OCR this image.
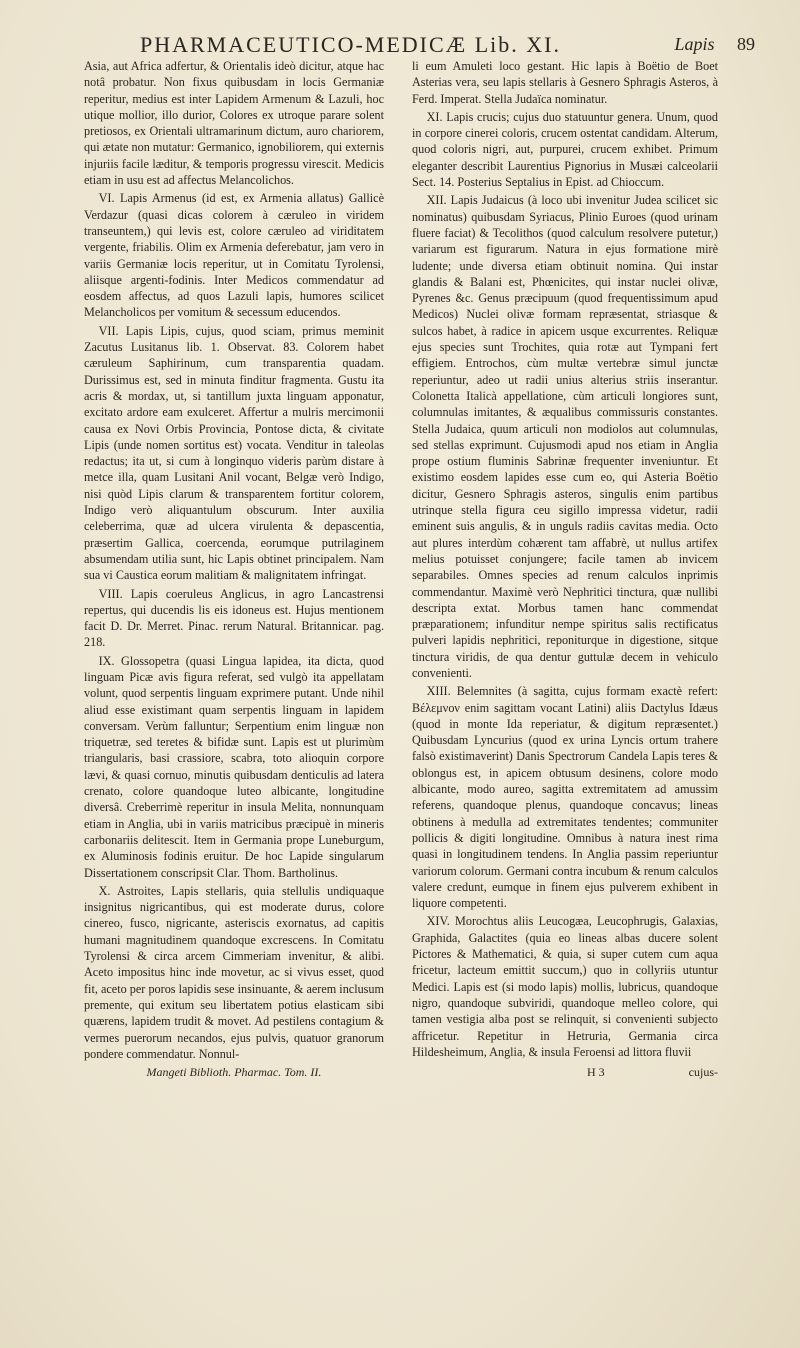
PHARMACEUTICO-MEDICÆ Lib. XI.	Lapis 89

Asia, aut Africa adfertur, & Orientalis ideò dicitur, atque hac notâ probatur. Non fixus quibusdam in locis Germaniæ reperitur, medius est inter Lapidem Armenum & Lazuli, hoc utique mollior, illo durior, Colores ex utroque parare solent pretiosos, ex Orientali ultramarinum dictum, auro chariorem, qui ætate non mutatur: Germanico, ignobiliorem, qui externis injuriis facile læditur, & temporis progressu virescit. Medicis etiam in usu est ad affectus Melancolichos.

VI. Lapis Armenus (id est, ex Armenia allatus) Gallicè Verdazur (quasi dicas colorem à cæruleo in viridem transeuntem,) qui levis est, colore cæruleo ad viriditatem vergente, friabilis. Olim ex Armenia deferebatur, jam vero in variis Germaniæ locis reperitur, ut in Comitatu Tyrolensi, aliisque argenti-fodinis. Inter Medicos commendatur ad eosdem affectus, ad quos Lazuli lapis, humores scilicet Melancholicos per vomitum & secessum educendos.

VII. Lapis Lipis, cujus, quod sciam, primus meminit Zacutus Lusitanus lib. 1. Observat. 83. Colorem habet cæruleum Saphirinum, cum transparentia quadam. Durissimus est, sed in minuta finditur fragmenta. Gustu ita acris & mordax, ut, si tantillum juxta linguam apponatur, excitato ardore eam exulceret. Affertur a mulris mercimonii causa ex Novi Orbis Provincia, Pontose dicta, & civitate Lipis (unde nomen sortitus est) vocata. Venditur in taleolas redactus; ita ut, si cum à longinquo videris parùm distare à metce illa, quam Lusitani Anil vocant, Belgæ verò Indigo, nisi quòd Lipis clarum & transparentem fortitur colorem, Indigo verò aliquantulum obscurum. Inter auxilia celeberrima, quæ ad ulcera virulenta & depascentia, præsertim Gallica, coercenda, eorumque putrilaginem absumendam utilia sunt, hic Lapis obtinet principalem. Nam sua vi Caustica eorum malitiam & malignitatem infringat.

VIII. Lapis coeruleus Anglicus, in agro Lancastrensi repertus, qui ducendis lis eis idoneus est. Hujus mentionem facit D. Dr. Merret. Pinac. rerum Natural. Britannicar. pag. 218.

IX. Glossopetra (quasi Lingua lapidea, ita dicta, quod linguam Picæ avis figura referat, sed vulgò ita appellatam volunt, quod serpentis linguam exprimere putant. Unde nihil aliud esse existimant quam serpentis linguam in lapidem conversam. Verùm falluntur; Serpentium enim linguæ non triquetræ, sed teretes & bifidæ sunt. Lapis est ut plurimùm triangularis, basi crassiore, scabra, toto alioquin corpore lævi, & quasi cornuo, minutis quibusdam denticulis ad latera crenato, colore quandoque luteo albicante, longitudine diversâ. Creberrimè reperitur in insula Melita, nonnunquam etiam in Anglia, ubi in variis matricibus præcipuè in mineris carbonariis delitescit. Item in Germania prope Luneburgum, ex Aluminosis fodinis eruitur. De hoc Lapide singularum Dissertationem conscripsit Clar. Thom. Bartholinus.

X. Astroites, Lapis stellaris, quia stellulis undiquaque insignitus nigricantibus, qui est moderate durus, colore cinereo, fusco, nigricante, asteriscis exornatus, ad capitis humani magnitudinem quandoque excrescens. In Comitatu Tyrolensi & circa arcem Cimmeriam invenitur, & alibi. Aceto impositus hinc inde movetur, ac si vivus esset, quod fit, aceto per poros lapidis sese insinuante, & aerem inclusum premente, qui exitum seu libertatem potius elasticam sibi quærens, lapidem trudit & movet. Ad pestilens contagium & vermes puerorum necandos, ejus pulvis, quatuor granorum pondere commendatur. Nonnul-

Mangeti Biblioth. Pharmac. Tom. II.

li eum Amuleti loco gestant. Hic lapis à Boëtio de Boet Asterias vera, seu lapis stellaris à Gesnero Sphragis Asteros, à Ferd. Imperat. Stella Judaïca nominatur.

XI. Lapis crucis; cujus duo statuuntur genera. Unum, quod in corpore cinerei coloris, crucem ostentat candidam. Alterum, quod coloris nigri, aut, purpurei, crucem exhibet. Primum eleganter describit Laurentius Pignorius in Musæi calceolarii Sect. 14. Posterius Septalius in Epist. ad Chioccum.

XII. Lapis Judaicus (à loco ubi invenitur Judea scilicet sic nominatus) quibusdam Syriacus, Plinio Euroes (quod urinam fluere faciat) & Tecolithos (quod calculum resolvere putetur,) variarum est figurarum. Natura in ejus formatione mirè ludente; unde diversa etiam obtinuit nomina. Qui instar glandis & Balani est, Phœnicites, qui instar nuclei olivæ, Pyrenes &c. Genus præcipuum (quod frequentissimum apud Medicos) Nuclei olivæ formam repræsentat, striasque & sulcos habet, à radice in apicem usque excurrentes. Reliquæ ejus species sunt Trochites, quia rotæ aut Tympani fert effigiem. Entrochos, cùm multæ vertebræ simul junctæ reperiuntur, adeo ut radii unius alterius striis inserantur. Colonetta Italicà appellatione, cùm articuli longiores sunt, columnulas imitantes, & æqualibus commissuris constantes. Stella Judaica, quum articuli non modiolos aut columnulas, sed stellas exprimunt. Cujusmodi apud nos etiam in Anglia prope ostium fluminis Sabrinæ frequenter inveniuntur. Et existimo eosdem lapides esse cum eo, qui Asteria Boëtio dicitur, Gesnero Sphragis asteros, singulis enim partibus utrinque stella figura ceu sigillo impressa videtur, radii eminent suis angulis, & in unguls radiis cavitas media. Octo aut plures interdùm cohærent tam affabrè, ut nullus artifex melius potuisset conjungere; facile tamen ab invicem separabiles. Omnes species ad renum calculos inprimis commendantur. Maximè verò Nephritici tinctura, quæ nullibi descripta extat. Morbus tamen hanc commendat præparationem; infunditur nempe spiritus salis rectificatus pulveri lapidis nephritici, reponiturque in digestione, sitque tinctura viridis, de qua dentur guttulæ decem in vehiculo convenienti.

XIII. Belemnites (à sagitta, cujus formam exactè refert: Βέλεμνον enim sagittam vocant Latini) aliis Dactylus Idæus (quod in monte Ida reperiatur, & digitum repræsentet.) Quibusdam Lyncurius (quod ex urina Lyncis ortum trahere falsò existimaverint) Danis Spectrorum Candela Lapis teres & oblongus est, in apicem obtusum desinens, colore modo albicante, modo aureo, sagitta extremitatem ad amussim referens, quandoque plenus, quandoque concavus; lineas obtinens à medulla ad extremitates tendentes; communiter pollicis & digiti longitudine. Omnibus à natura inest rima quasi in longitudinem tendens. In Anglia passim reperiuntur variorum colorum. Germani contra incubum & renum calculos valere credunt, eumque in finem ejus pulverem exhibent in liquore competenti.

XIV. Morochtus aliis Leucogæa, Leucophrugis, Galaxias, Graphida, Galactites (quia eo lineas albas ducere solent Pictores & Mathematici, & quia, si super cutem cum aqua fricetur, lacteum emittit succum,) quo in collyriis utuntur Medici. Lapis est (si modo lapis) mollis, lubricus, quandoque nigro, quandoque subviridi, quandoque melleo colore, qui tamen vestigia alba post se relinquit, si convenienti subjecto affricetur. Repetitur in Hetruria, Germania circa Hildesheimum, Anglia, & insula Feroensi ad littora fluvii

H 3	cujus-
